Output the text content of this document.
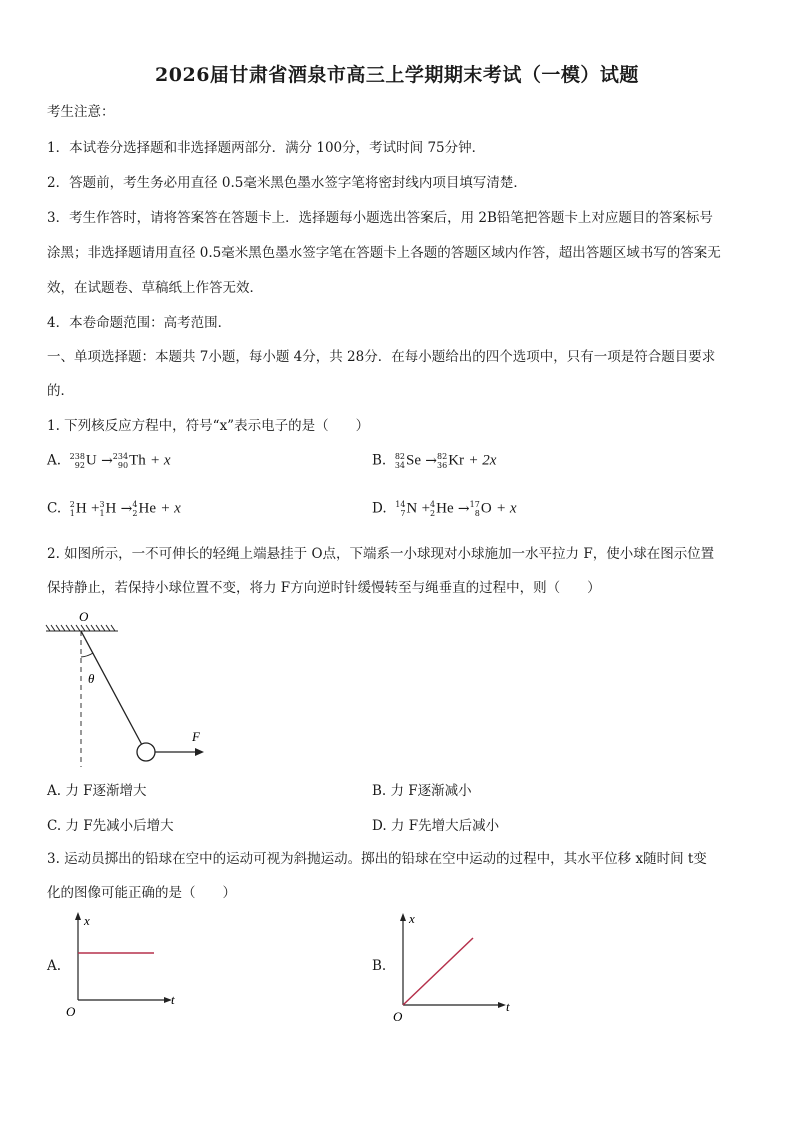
2026届甘肃省酒泉市高三上学期期末考试（一模）试题
考生注意：
1．本试卷分选择题和非选择题两部分．满分 100分，考试时间 75分钟．
2．答题前，考生务必用直径 0.5毫米黑色墨水签字笔将密封线内项目填写清楚．
3．考生作答时，请将答案答在答题卡上．选择题每小题选出答案后，用 2B铅笔把答题卡上对应题目的答案标号
涂黑；非选择题请用直径 0.5毫米黑色墨水签字笔在答题卡上各题的答题区域内作答，超出答题区域书写的答案无
效，在试题卷、草稿纸上作答无效．
4．本卷命题范围：高考范围．
一、单项选择题：本题共 7小题，每小题 4分，共 28分．在每小题给出的四个选项中，只有一项是符合题目要求
的．
1. 下列核反应方程中，符号“x”表示电子的是（　　）
A. 238
92 U → 234
90 Th + x	B. 82
34 Se → 82
36 Kr + 2x
C. 2
1 H + 3
1 H → 4
2 He + x	D. 14
7 N + 4
2 He → 17
8 O + x
2. 如图所示，一不可伸长的轻绳上端悬挂于 O点，下端系一小球现对小球施加一水平拉力 F，使小球在图示位置
保持静止，若保持小球位置不变，将力 F方向逆时针缓慢转至与绳垂直的过程中，则（　　）
O
θ
F
A. 力 F逐渐增大	B. 力 F逐渐减小
C. 力 F先减小后增大	D. 力 F先增大后减小
3. 运动员掷出的铅球在空中的运动可视为斜抛运动。掷出的铅球在空中运动的过程中，其水平位移 x随时间 t变
化的图像可能正确的是（　　）
A.
x
t
O
B.
x
t
O
